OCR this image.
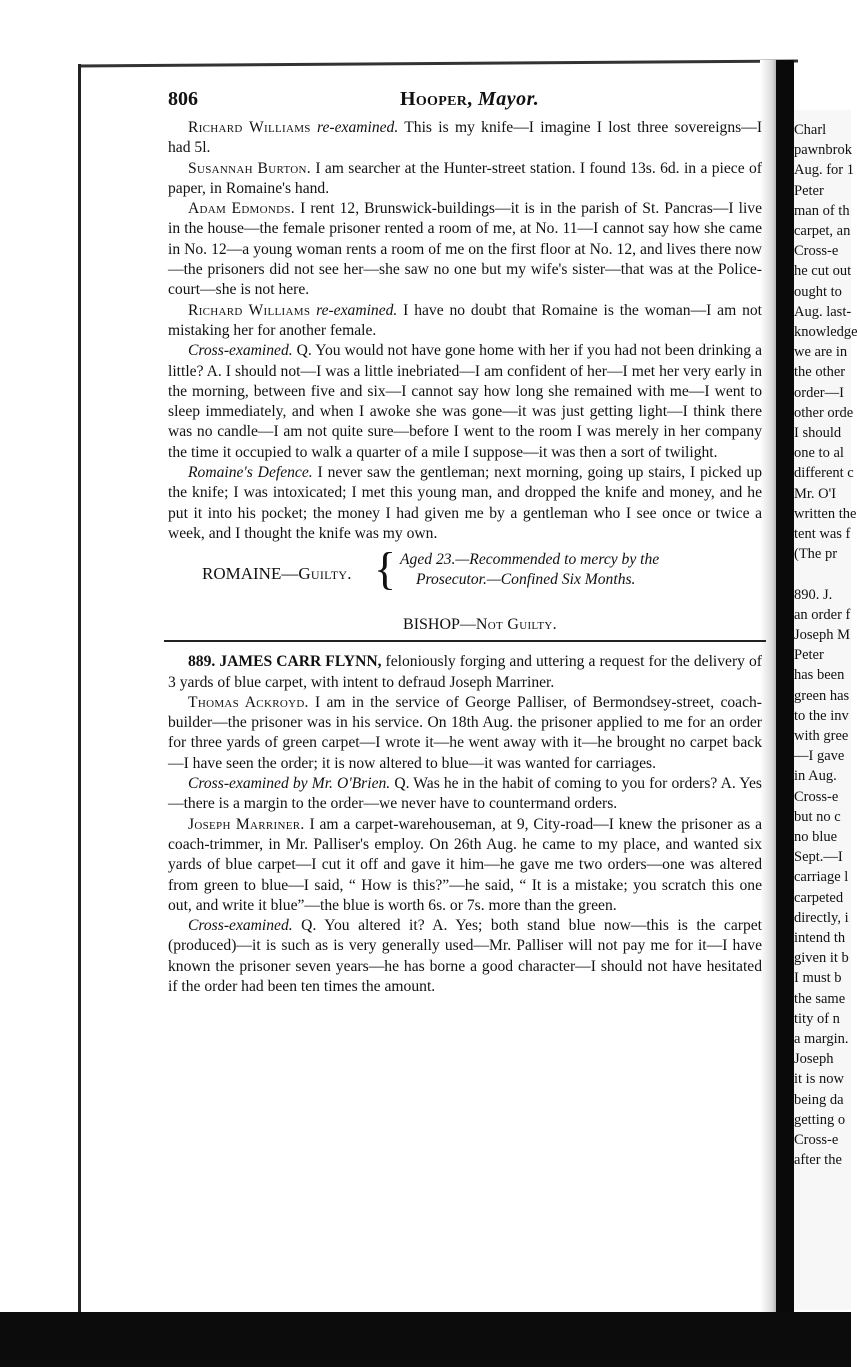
Charl
pawnbrok
Aug. for 1
Peter
man of th
carpet, an
Cross-e
he cut out
ought to
Aug. last-
knowledge
we are in
the other
order—I
other orde
I should
one to al
different c
Mr. O'I
written the
tent was f
(The pr
890. J.
an order f
Joseph M
Peter
has been
green has
to the inv
with gree
—I gave
in Aug.
Cross-e
but no c
no blue
Sept.—I
carriage l
carpeted
directly, i
intend th
given it b
I must b
the same
tity of n
a margin.
Joseph
it is now
being da
getting o
Cross-e
after the
806	Hooper, Mayor.

Richard Williams re-examined. This is my knife—I imagine I lost three sovereigns—I had 5l.

Susannah Burton. I am searcher at the Hunter-street station. I found 13s. 6d. in a piece of paper, in Romaine's hand.

Adam Edmonds. I rent 12, Brunswick-buildings—it is in the parish of St. Pancras—I live in the house—the female prisoner rented a room of me, at No. 11—I cannot say how she came in No. 12—a young woman rents a room of me on the first floor at No. 12, and lives there now—the prisoners did not see her—she saw no one but my wife's sister—that was at the Police-court—she is not here.

Richard Williams re-examined. I have no doubt that Romaine is the woman—I am not mistaking her for another female.

Cross-examined. Q. You would not have gone home with her if you had not been drinking a little? A. I should not—I was a little inebriated—I am confident of her—I met her very early in the morning, between five and six—I cannot say how long she remained with me—I went to sleep immediately, and when I awoke she was gone—it was just getting light—I think there was no candle—I am not quite sure—before I went to the room I was merely in her company the time it occupied to walk a quarter of a mile I suppose—it was then a sort of twilight.

Romaine's Defence. I never saw the gentleman; next morning, going up stairs, I picked up the knife; I was intoxicated; I met this young man, and dropped the knife and money, and he put it into his pocket; the money I had given me by a gentleman who I see once or twice a week, and I thought the knife was my own.

ROMAINE—Guilty. { Aged 23.—Recommended to mercy by the
Prosecutor.—Confined Six Months.
BISHOP—Not Guilty.

889. JAMES CARR FLYNN, feloniously forging and uttering a request for the delivery of 3 yards of blue carpet, with intent to defraud Joseph Marriner.

Thomas Ackroyd. I am in the service of George Palliser, of Bermondsey-street, coach-builder—the prisoner was in his service. On 18th Aug. the prisoner applied to me for an order for three yards of green carpet—I wrote it—he went away with it—he brought no carpet back—I have seen the order; it is now altered to blue—it was wanted for carriages.

Cross-examined by Mr. O'Brien. Q. Was he in the habit of coming to you for orders? A. Yes—there is a margin to the order—we never have to countermand orders.

Joseph Marriner. I am a carpet-warehouseman, at 9, City-road—I knew the prisoner as a coach-trimmer, in Mr. Palliser's employ. On 26th Aug. he came to my place, and wanted six yards of blue carpet—I cut it off and gave it him—he gave me two orders—one was altered from green to blue—I said, “ How is this?”—he said, “ It is a mistake; you scratch this one out, and write it blue”—the blue is worth 6s. or 7s. more than the green.

Cross-examined. Q. You altered it? A. Yes; both stand blue now—this is the carpet (produced)—it is such as is very generally used—Mr. Palliser will not pay me for it—I have known the prisoner seven years—he has borne a good character—I should not have hesitated if the order had been ten times the amount.
